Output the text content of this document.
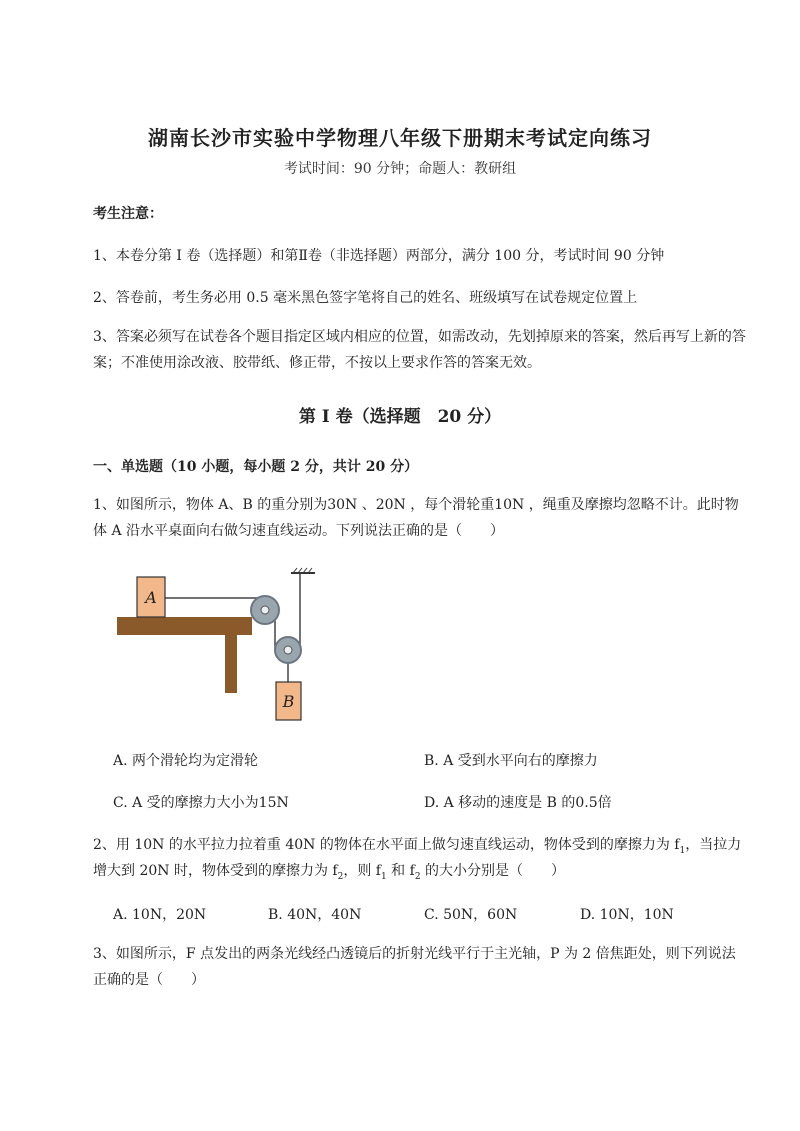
湖南长沙市实验中学物理八年级下册期末考试定向练习
考试时间：90 分钟；命题人：教研组
考生注意：
1、本卷分第 I 卷（选择题）和第Ⅱ卷（非选择题）两部分，满分 100 分，考试时间 90 分钟
2、答卷前，考生务必用 0.5 毫米黑色签字笔将自己的姓名、班级填写在试卷规定位置上
3、答案必须写在试卷各个题目指定区域内相应的位置，如需改动，先划掉原来的答案，然后再写上新的答案；不准使用涂改液、胶带纸、修正带，不按以上要求作答的答案无效。
第 I 卷（选择题　20 分）
一、单选题（10 小题，每小题 2 分，共计 20 分）
1、如图所示，物体 A、B 的重分别为30N 、20N ，每个滑轮重10N ，绳重及摩擦均忽略不计。此时物体 A 沿水平桌面向右做匀速直线运动。下列说法正确的是（　　）
A
B
A. 两个滑轮均为定滑轮	B. A 受到水平向右的摩擦力
C. A 受的摩擦力大小为15N	D. A 移动的速度是 B 的0.5倍
2、用 10N 的水平拉力拉着重 40N 的物体在水平面上做匀速直线运动，物体受到的摩擦力为 $f_1$，当拉力
增大到 20N 时，物体受到的摩擦力为 $f_2$，则 $f_1$ 和 $f_2$ 的大小分别是（　　）
A. 10N，20N	B. 40N，40N	C. 50N，60N	D. 10N，10N
3、如图所示，F 点发出的两条光线经凸透镜后的折射光线平行于主光轴，P 为 2 倍焦距处，则下列说法正确的是（　　）
